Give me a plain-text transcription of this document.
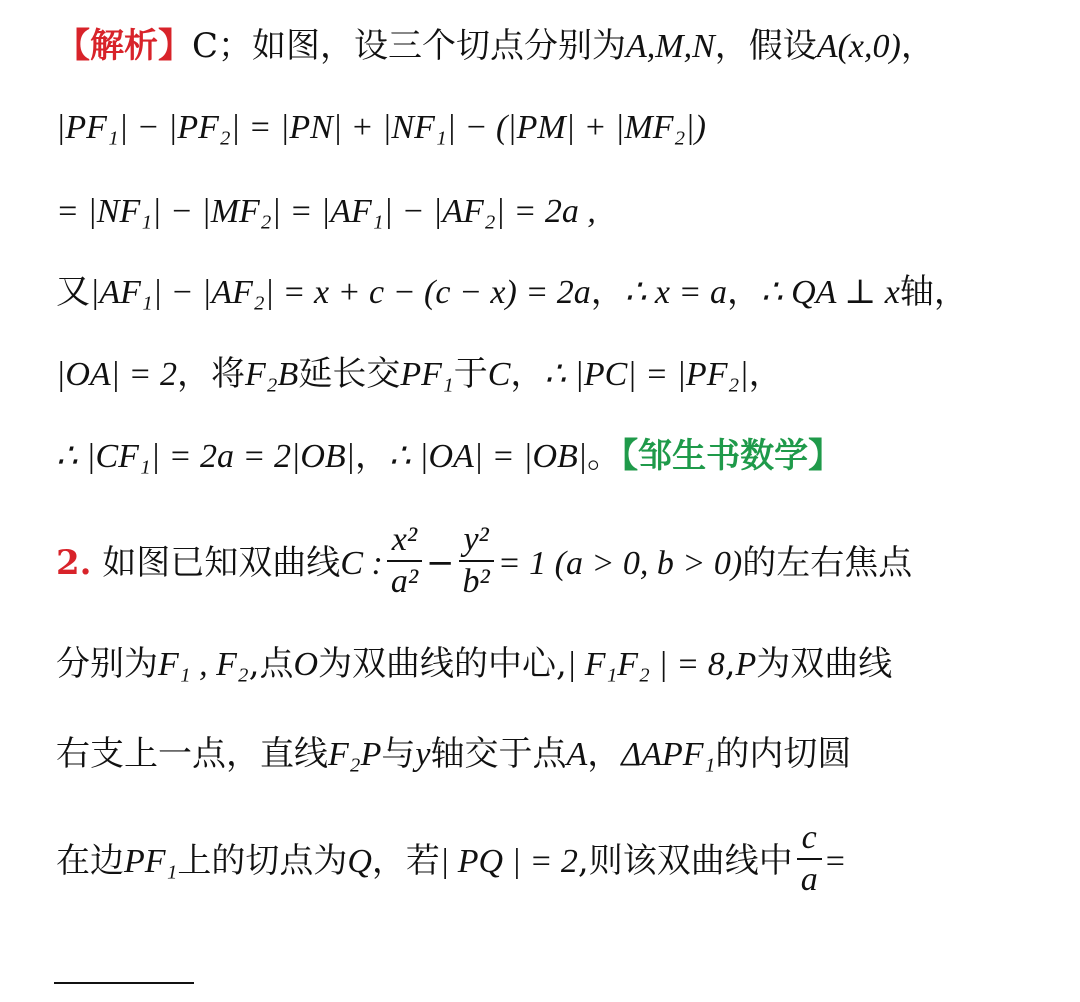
【解析】C；如图，设三个切点分别为A,M,N，假设A(x,0)，
|PF₁| − |PF₂| = |PN| + |NF₁| − (|PM| + |MF₂|)
= |NF₁| − |MF₂| = |AF₁| − |AF₂| = 2a ,
又|AF₁| − |AF₂| = x + c − (c − x) = 2a，∴ x = a，∴ QA ⊥ x轴，
|OA| = 2，将F₂B延长交PF₁于C，∴ |PC| = |PF₂|，
∴ |CF₁| = 2a = 2|OB|，∴ |OA| = |OB|。【邹生书数学】
2. 如图已知双曲线C : $\frac{\text{x²}}{\text{a²}} - \frac{\text{y²}}{\text{b²}} = 1$ (a > 0, b > 0)的左右焦点
分别为F₁ , F₂,点O为双曲线的中心,| F₁F₂ | = 8,P为双曲线
右支上一点，直线F₂P与y轴交于点A，ΔAPF₁的内切圆
在边PF₁上的切点为Q，若| PQ | = 2,则该双曲线中 $\frac{c}{a}$ =
